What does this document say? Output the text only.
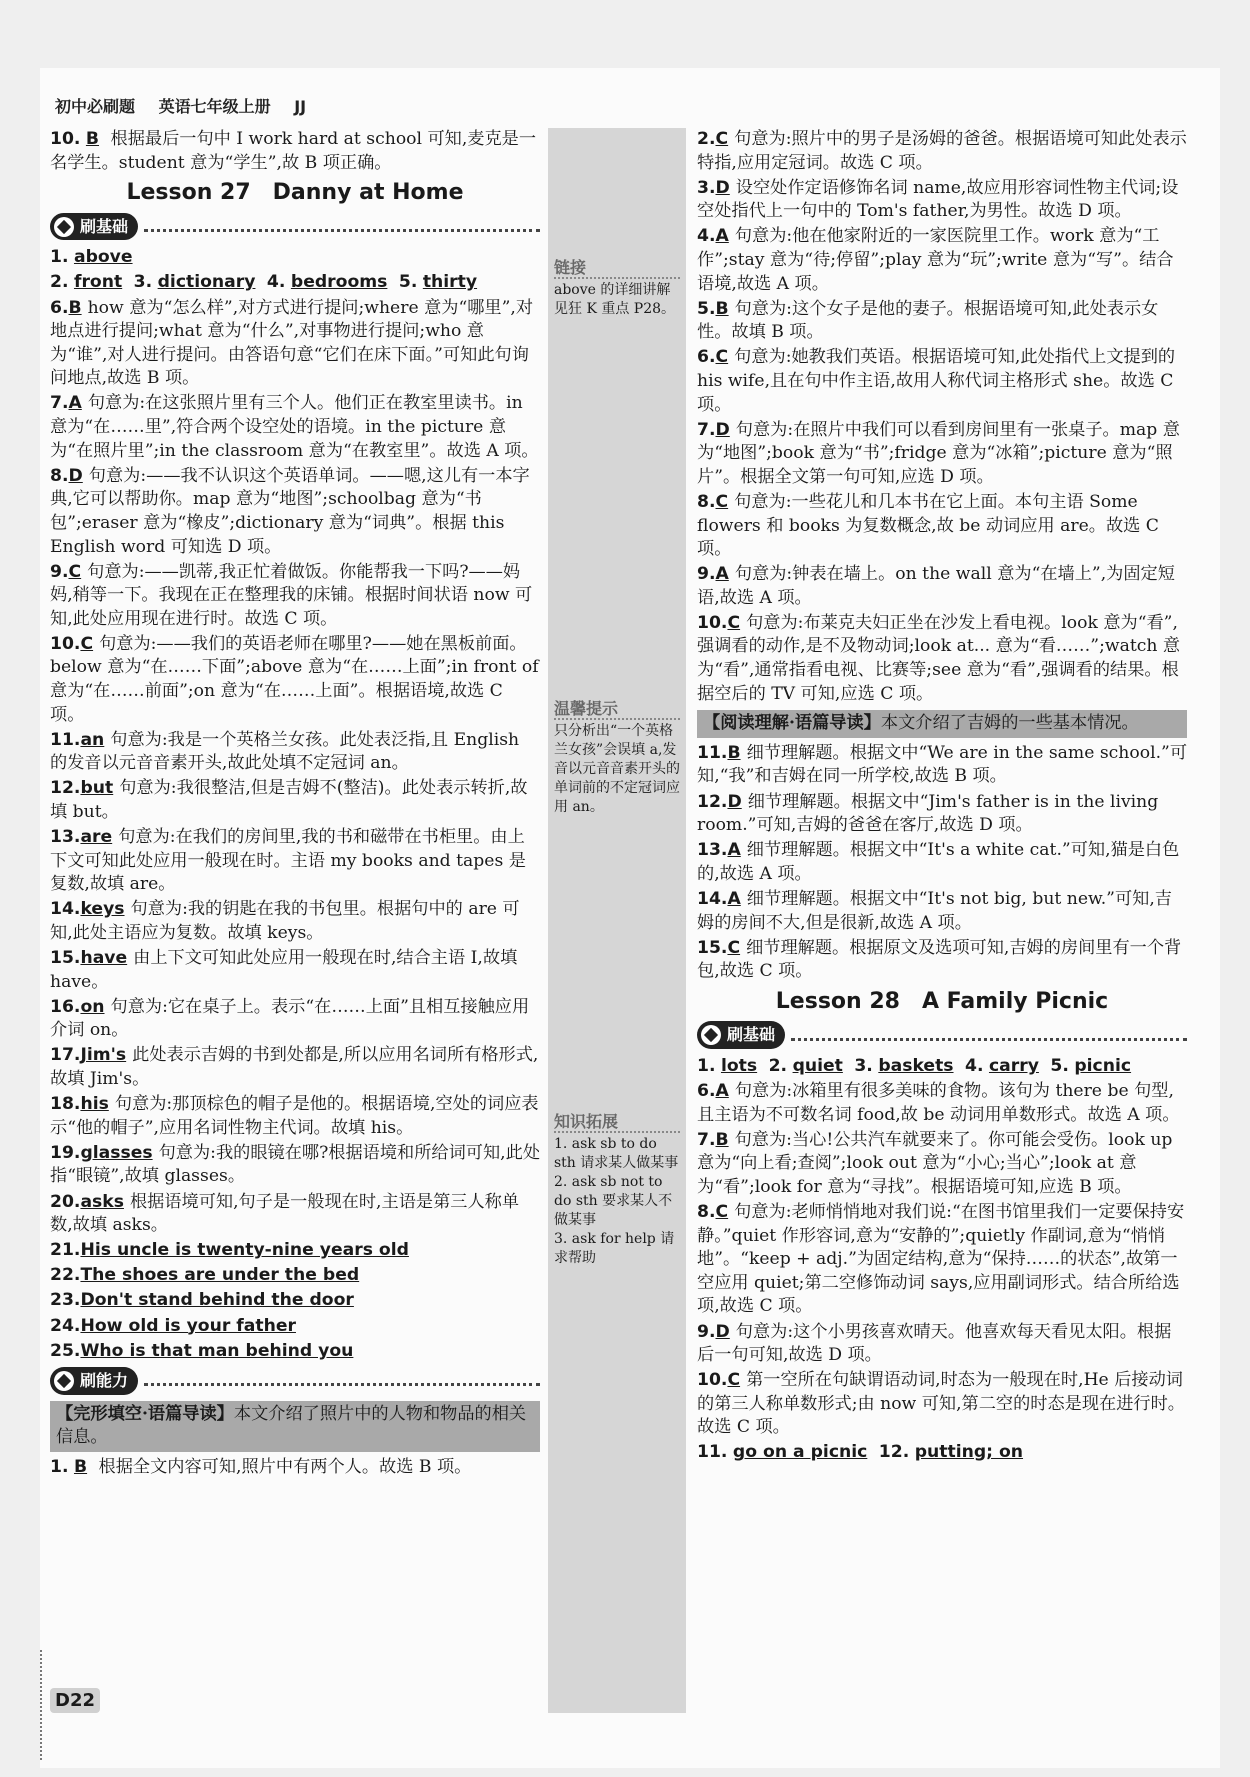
初中必刷题 英语七年级上册 JJ
10. B 根据最后一句中 I work hard at school 可知,麦克是一名学生。student 意为“学生”,故 B 项正确。
Lesson 27　Danny at Home
刷基础
1. above
2. front 3. dictionary 4. bedrooms 5. thirty
6.B how 意为“怎么样”,对方式进行提问;where 意为“哪里”,对地点进行提问;what 意为“什么”,对事物进行提问;who 意为“谁”,对人进行提问。由答语句意“它们在床下面。”可知此句询问地点,故选 B 项。
7.A 句意为:在这张照片里有三个人。他们正在教室里读书。in 意为“在……里”,符合两个设空处的语境。in the picture 意为“在照片里”;in the classroom 意为“在教室里”。故选 A 项。
8.D 句意为:——我不认识这个英语单词。——嗯,这儿有一本字典,它可以帮助你。map 意为“地图”;schoolbag 意为“书包”;eraser 意为“橡皮”;dictionary 意为“词典”。根据 this English word 可知选 D 项。
9.C 句意为:——凯蒂,我正忙着做饭。你能帮我一下吗?——妈妈,稍等一下。我现在正在整理我的床铺。根据时间状语 now 可知,此处应用现在进行时。故选 C 项。
10.C 句意为:——我们的英语老师在哪里?——她在黑板前面。below 意为“在……下面”;above 意为“在……上面”;in front of 意为“在……前面”;on 意为“在……上面”。根据语境,故选 C 项。
11.an 句意为:我是一个英格兰女孩。此处表泛指,且 English 的发音以元音音素开头,故此处填不定冠词 an。
12.but 句意为:我很整洁,但是吉姆不(整洁)。此处表示转折,故填 but。
13.are 句意为:在我们的房间里,我的书和磁带在书柜里。由上下文可知此处应用一般现在时。主语 my books and tapes 是复数,故填 are。
14.keys 句意为:我的钥匙在我的书包里。根据句中的 are 可知,此处主语应为复数。故填 keys。
15.have 由上下文可知此处应用一般现在时,结合主语 I,故填 have。
16.on 句意为:它在桌子上。表示“在……上面”且相互接触应用介词 on。
17.Jim's 此处表示吉姆的书到处都是,所以应用名词所有格形式,故填 Jim's。
18.his 句意为:那顶棕色的帽子是他的。根据语境,空处的词应表示“他的帽子”,应用名词性物主代词。故填 his。
19.glasses 句意为:我的眼镜在哪?根据语境和所给词可知,此处指“眼镜”,故填 glasses。
20.asks 根据语境可知,句子是一般现在时,主语是第三人称单数,故填 asks。
21.His uncle is twenty-nine years old
22.The shoes are under the bed
23.Don't stand behind the door
24.How old is your father
25.Who is that man behind you
刷能力
【完形填空·语篇导读】本文介绍了照片中的人物和物品的相关信息。
1. B 根据全文内容可知,照片中有两个人。故选 B 项。
链接
above 的详细讲解见狂 K 重点 P28。
温馨提示
只分析出“一个英格兰女孩”会误填 a,发音以元音音素开头的单词前的不定冠词应用 an。
知识拓展
1. ask sb to do sth 请求某人做某事
2. ask sb not to do sth 要求某人不做某事
3. ask for help 请求帮助
2.C 句意为:照片中的男子是汤姆的爸爸。根据语境可知此处表示特指,应用定冠词。故选 C 项。
3.D 设空处作定语修饰名词 name,故应用形容词性物主代词;设空处指代上一句中的 Tom's father,为男性。故选 D 项。
4.A 句意为:他在他家附近的一家医院里工作。work 意为“工作”;stay 意为“待;停留”;play 意为“玩”;write 意为“写”。结合语境,故选 A 项。
5.B 句意为:这个女子是他的妻子。根据语境可知,此处表示女性。故填 B 项。
6.C 句意为:她教我们英语。根据语境可知,此处指代上文提到的 his wife,且在句中作主语,故用人称代词主格形式 she。故选 C 项。
7.D 句意为:在照片中我们可以看到房间里有一张桌子。map 意为“地图”;book 意为“书”;fridge 意为“冰箱”;picture 意为“照片”。根据全文第一句可知,应选 D 项。
8.C 句意为:一些花儿和几本书在它上面。本句主语 Some flowers 和 books 为复数概念,故 be 动词应用 are。故选 C 项。
9.A 句意为:钟表在墙上。on the wall 意为“在墙上”,为固定短语,故选 A 项。
10.C 句意为:布莱克夫妇正坐在沙发上看电视。look 意为“看”,强调看的动作,是不及物动词;look at... 意为“看……”;watch 意为“看”,通常指看电视、比赛等;see 意为“看”,强调看的结果。根据空后的 TV 可知,应选 C 项。
【阅读理解·语篇导读】本文介绍了吉姆的一些基本情况。
11.B 细节理解题。根据文中“We are in the same school.”可知,“我”和吉姆在同一所学校,故选 B 项。
12.D 细节理解题。根据文中“Jim's father is in the living room.”可知,吉姆的爸爸在客厅,故选 D 项。
13.A 细节理解题。根据文中“It's a white cat.”可知,猫是白色的,故选 A 项。
14.A 细节理解题。根据文中“It's not big, but new.”可知,吉姆的房间不大,但是很新,故选 A 项。
15.C 细节理解题。根据原文及选项可知,吉姆的房间里有一个背包,故选 C 项。
Lesson 28　A Family Picnic
刷基础
1. lots 2. quiet 3. baskets 4. carry 5. picnic
6.A 句意为:冰箱里有很多美味的食物。该句为 there be 句型,且主语为不可数名词 food,故 be 动词用单数形式。故选 A 项。
7.B 句意为:当心!公共汽车就要来了。你可能会受伤。look up 意为“向上看;查阅”;look out 意为“小心;当心”;look at 意为“看”;look for 意为“寻找”。根据语境可知,应选 B 项。
8.C 句意为:老师悄悄地对我们说:“在图书馆里我们一定要保持安静。”quiet 作形容词,意为“安静的”;quietly 作副词,意为“悄悄地”。“keep + adj.”为固定结构,意为“保持……的状态”,故第一空应用 quiet;第二空修饰动词 says,应用副词形式。结合所给选项,故选 C 项。
9.D 句意为:这个小男孩喜欢晴天。他喜欢每天看见太阳。根据后一句可知,故选 D 项。
10.C 第一空所在句缺谓语动词,时态为一般现在时,He 后接动词的第三人称单数形式;由 now 可知,第二空的时态是现在进行时。故选 C 项。
11. go on a picnic 12. putting; on
D22
